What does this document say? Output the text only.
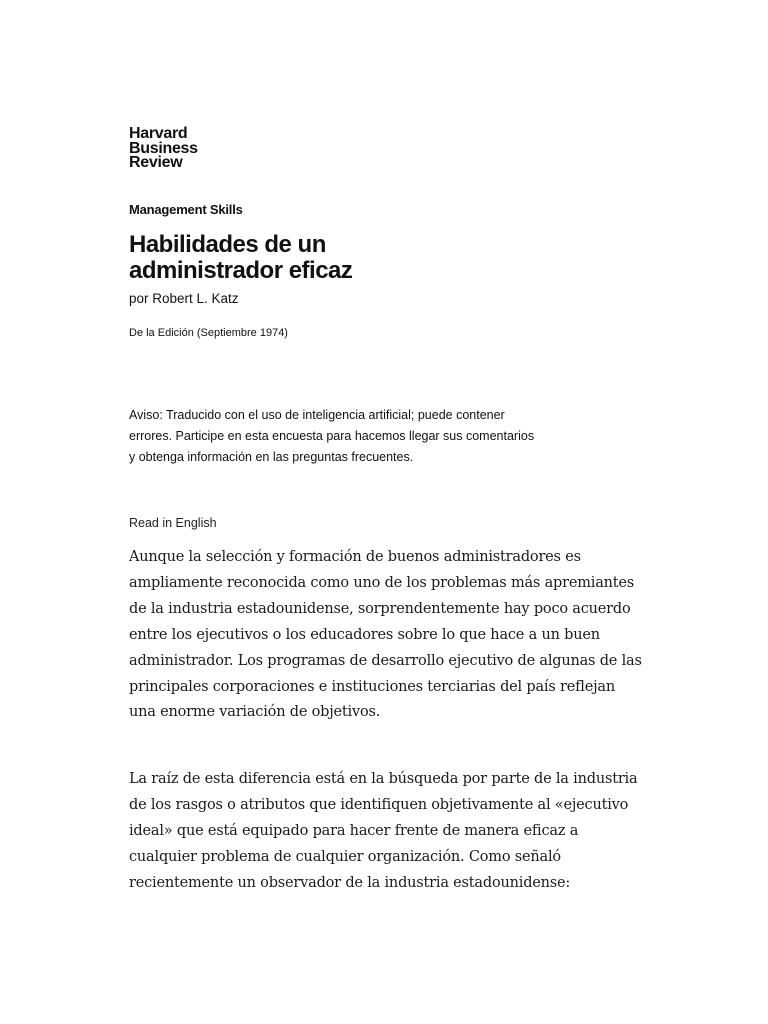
Harvard
Business
Review
Management Skills
Habilidades de un
administrador eficaz
por Robert L. Katz
De la Edición (Septiembre 1974)

Aviso: Traducido con el uso de inteligencia artificial; puede contener errores. Participe en esta encuesta para hacemos llegar sus comentarios y obtenga información en las preguntas frecuentes.

Read in English

Aunque la selección y formación de buenos administradores es ampliamente reconocida como uno de los problemas más apremiantes de la industria estadounidense, sorprendentemente hay poco acuerdo entre los ejecutivos o los educadores sobre lo que hace a un buen administrador. Los programas de desarrollo ejecutivo de algunas de las principales corporaciones e instituciones terciarias del país reflejan una enorme variación de objetivos.

La raíz de esta diferencia está en la búsqueda por parte de la industria de los rasgos o atributos que identifiquen objetivamente al «ejecutivo ideal» que está equipado para hacer frente de manera eficaz a cualquier problema de cualquier organización. Como señaló recientemente un observador de la industria estadounidense:
